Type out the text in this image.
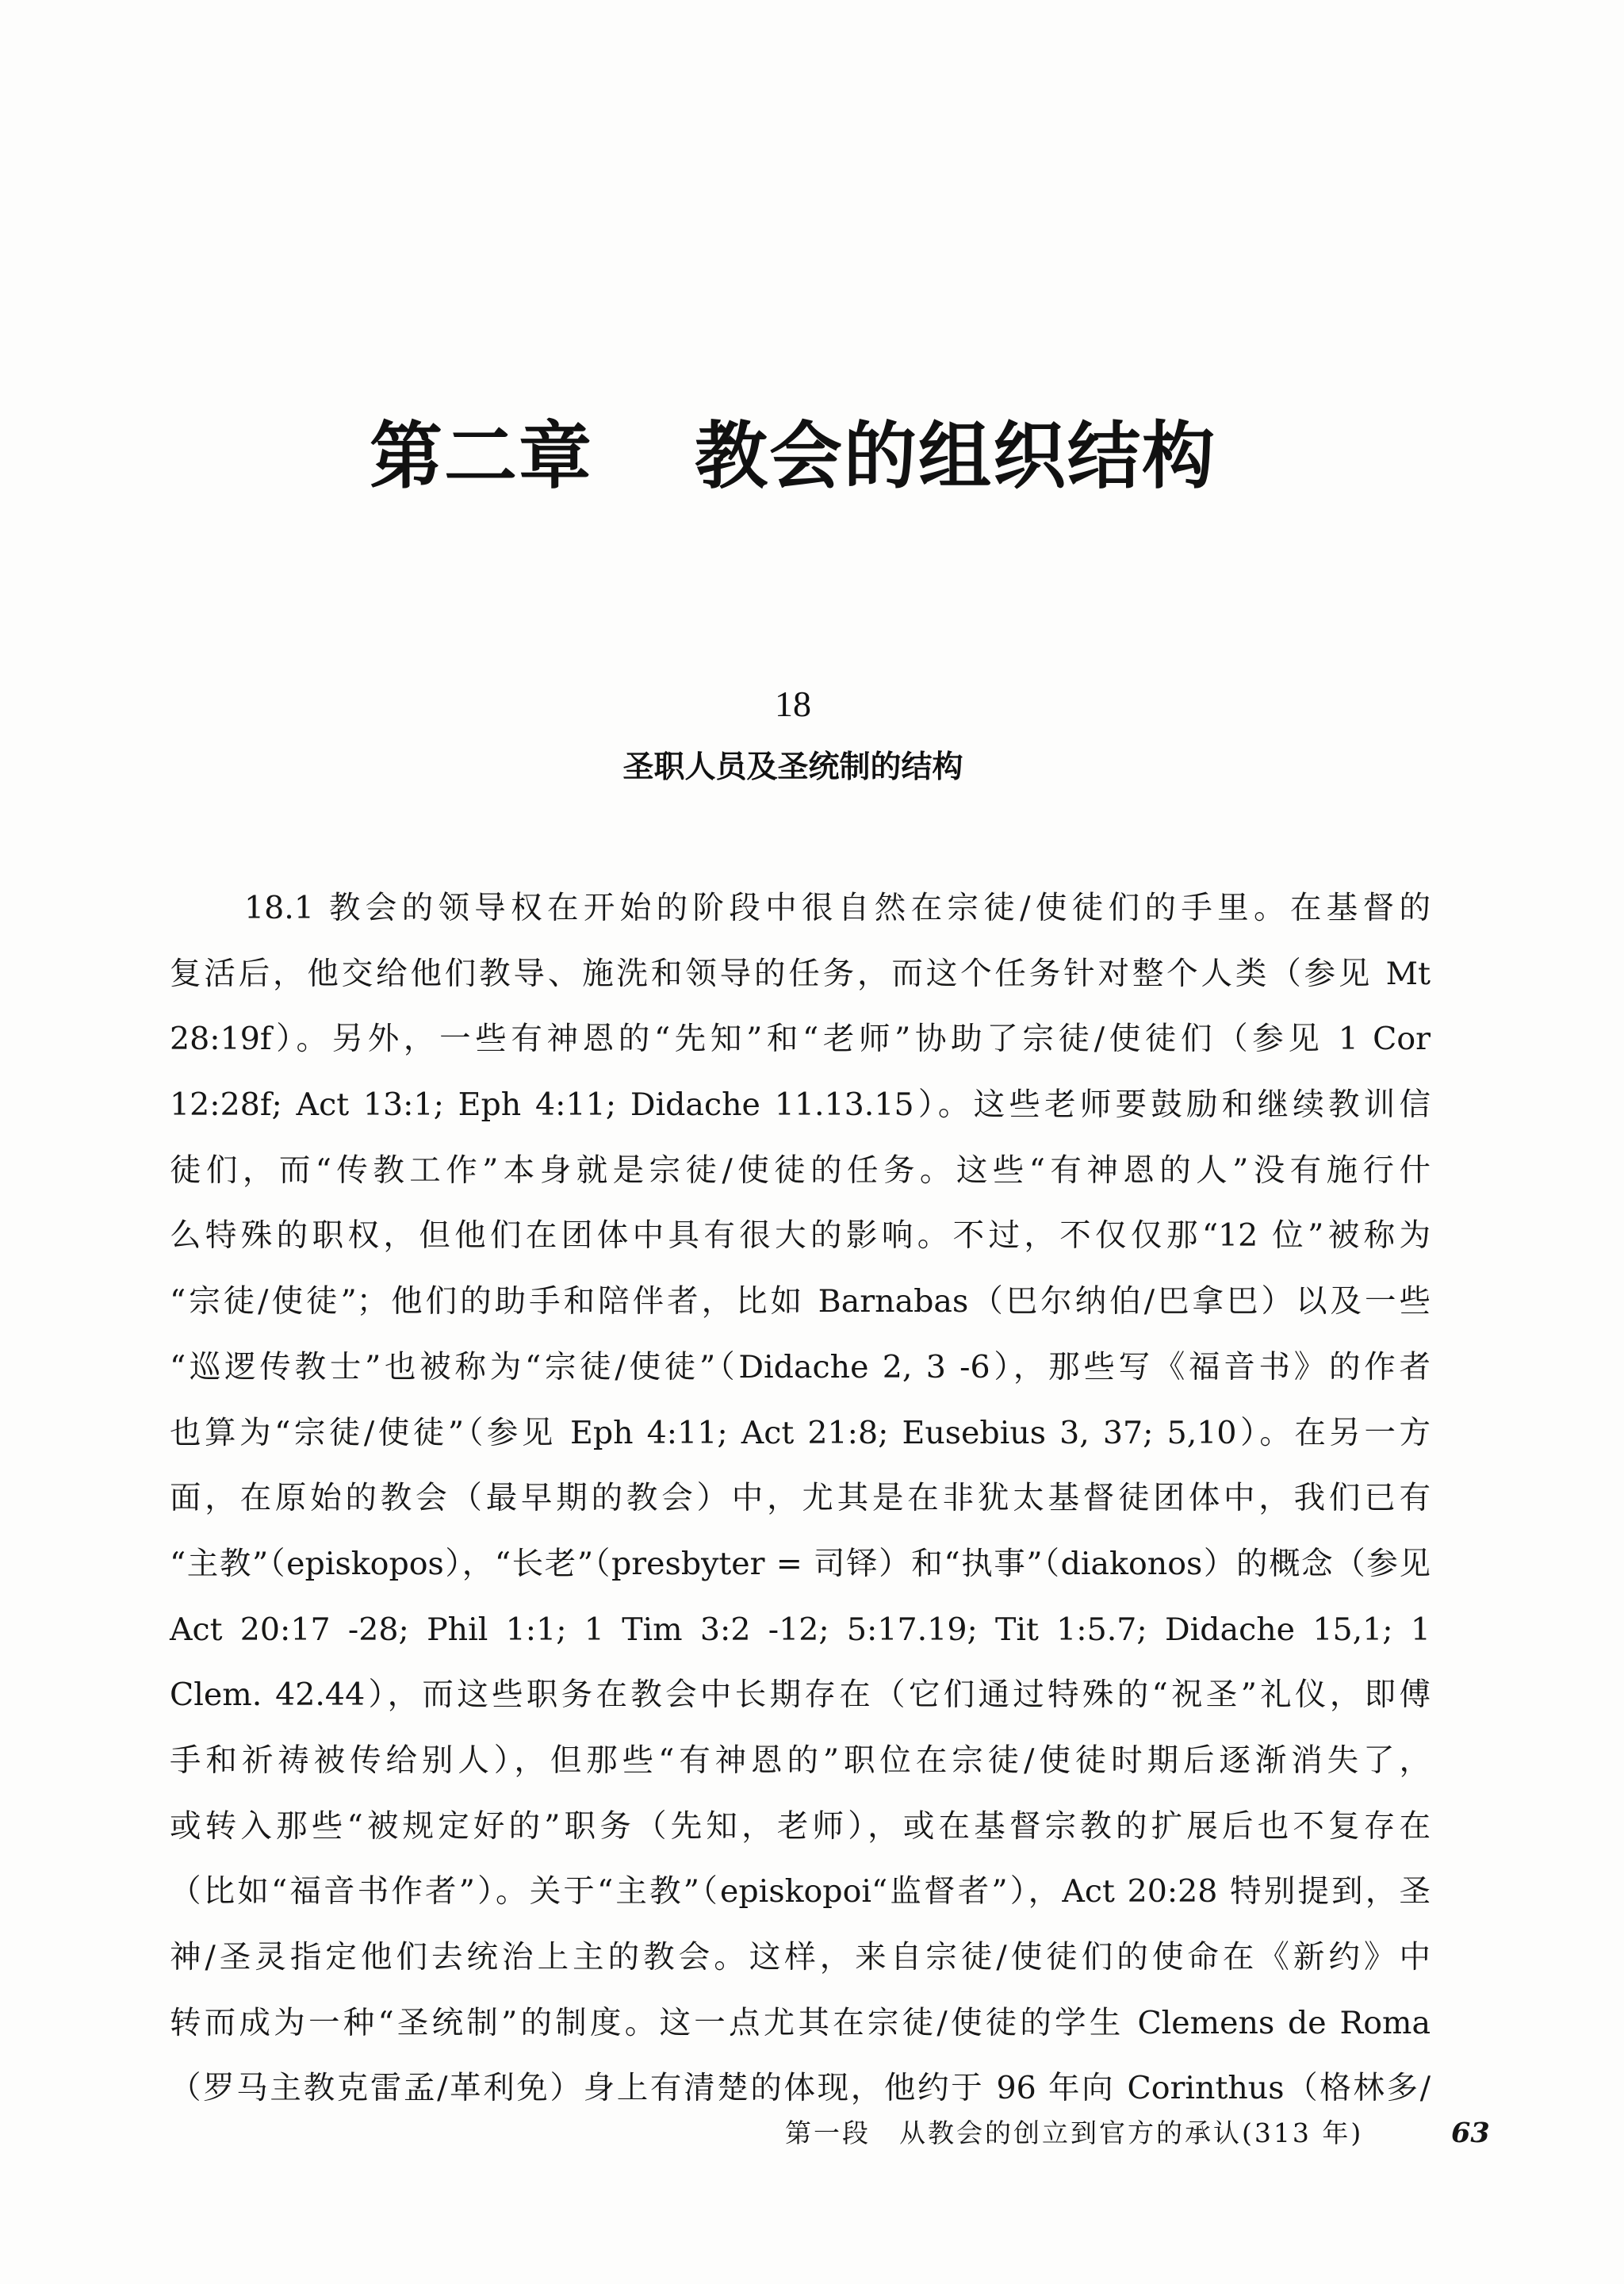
第二章　 教会的组织结构
18
圣职人员及圣统制的结构
18.1 教会的领导权在开始的阶段中很自然在宗徒/使徒们的手里。在基督的
复活后，他交给他们教导、施洗和领导的任务，而这个任务针对整个人类（参见 Mt
28:19f）。另外，一些有神恩的“先知”和“老师”协助了宗徒/使徒们（参见 1 Cor
12:28f; Act 13:1; Eph 4:11; Didache 11.13.15）。这些老师要鼓励和继续教训信
徒们，而“传教工作”本身就是宗徒/使徒的任务。这些“有神恩的人”没有施行什
么特殊的职权，但他们在团体中具有很大的影响。不过，不仅仅那“12 位”被称为
“宗徒/使徒”；他们的助手和陪伴者，比如 Barnabas（巴尔纳伯/巴拿巴）以及一些
“巡逻传教士”也被称为“宗徒/使徒”（Didache 2, 3 -6），那些写《福音书》的作者
也算为“宗徒/使徒”（参见 Eph 4:11; Act 21:8; Eusebius 3, 37; 5,10）。在另一方
面，在原始的教会（最早期的教会）中，尤其是在非犹太基督徒团体中，我们已有
“主教”（episkopos），“长老”（presbyter = 司铎）和“执事”（diakonos）的概念（参见
Act 20:17 -28; Phil 1:1; 1 Tim 3:2 -12; 5:17.19; Tit 1:5.7; Didache 15,1; 1
Clem. 42.44），而这些职务在教会中长期存在（它们通过特殊的“祝圣”礼仪，即傅
手和祈祷被传给别人），但那些“有神恩的”职位在宗徒/使徒时期后逐渐消失了，
或转入那些“被规定好的”职务（先知，老师），或在基督宗教的扩展后也不复存在
（比如“福音书作者”）。关于“主教”（episkopoi“监督者”），Act 20:28 特别提到，圣
神/圣灵指定他们去统治上主的教会。这样，来自宗徒/使徒们的使命在《新约》中
转而成为一种“圣统制”的制度。这一点尤其在宗徒/使徒的学生 Clemens de Roma
（罗马主教克雷孟/革利免）身上有清楚的体现，他约于 96 年向 Corinthus（格林多/
第一段　从教会的创立到官方的承认(313 年)	63
